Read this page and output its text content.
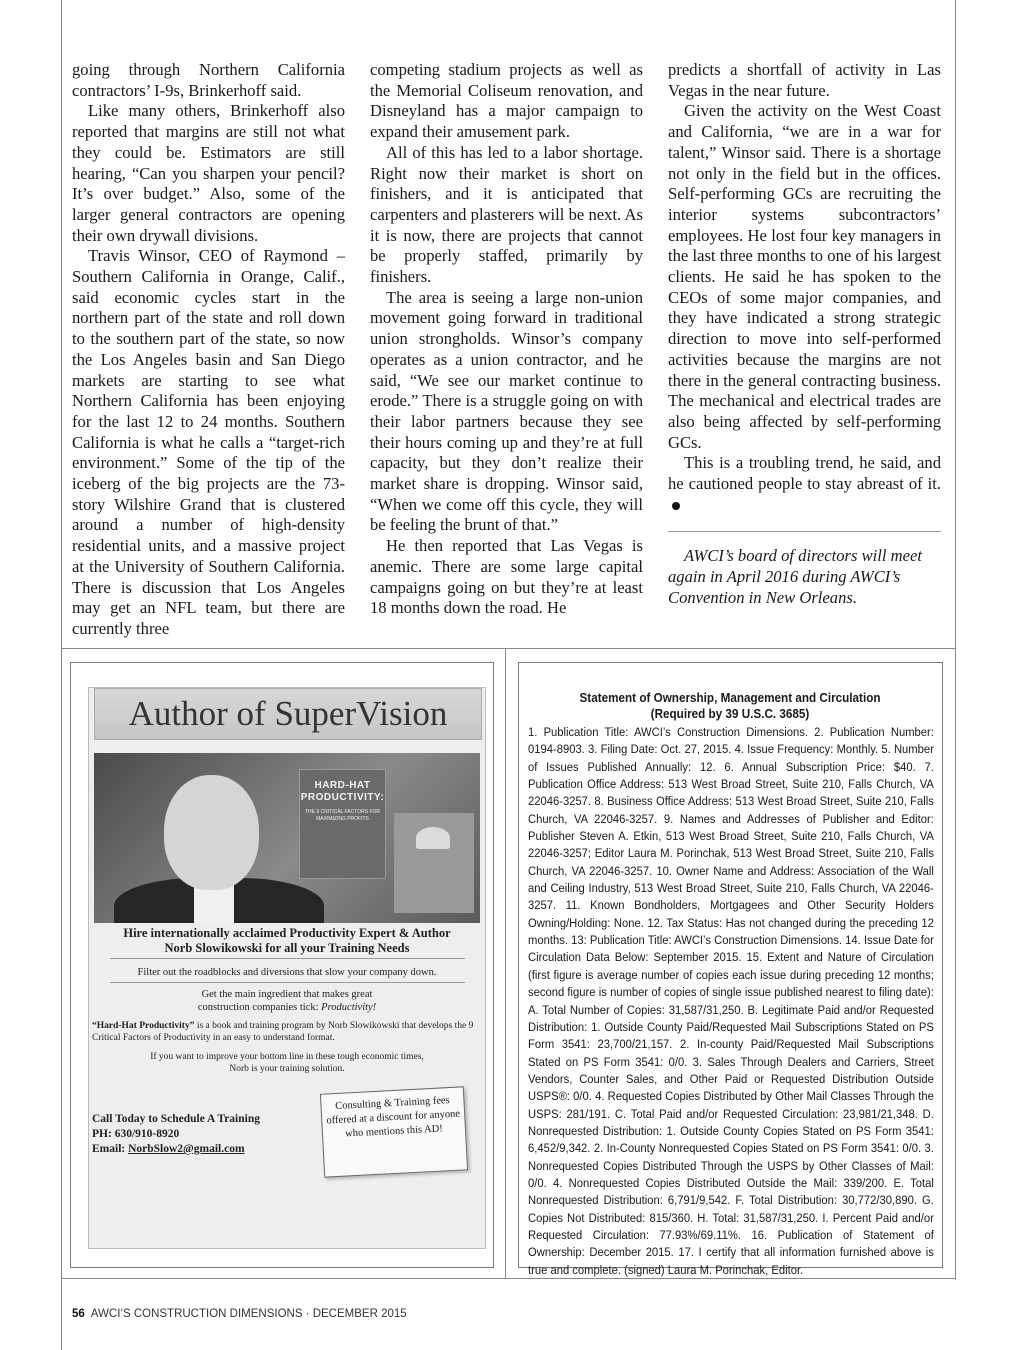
going through Northern California contractors’ I-9s, Brinkerhoff said.

Like many others, Brinkerhoff also reported that margins are still not what they could be. Estimators are still hearing, “Can you sharpen your pencil? It’s over budget.” Also, some of the larger general contractors are opening their own drywall divisions.

Travis Winsor, CEO of Raymond – Southern California in Orange, Calif., said economic cycles start in the northern part of the state and roll down to the southern part of the state, so now the Los Angeles basin and San Diego markets are starting to see what Northern California has been enjoying for the last 12 to 24 months. Southern California is what he calls a “target-rich environment.” Some of the tip of the iceberg of the big projects are the 73-story Wilshire Grand that is clustered around a number of high-density residential units, and a massive project at the University of Southern California. There is discussion that Los Angeles may get an NFL team, but there are currently three

competing stadium projects as well as the Memorial Coliseum renovation, and Disneyland has a major campaign to expand their amusement park.

All of this has led to a labor shortage. Right now their market is short on finishers, and it is anticipated that carpenters and plasterers will be next. As it is now, there are projects that cannot be properly staffed, primarily by finishers.

The area is seeing a large non-union movement going forward in traditional union strongholds. Winsor’s company operates as a union contractor, and he said, “We see our market continue to erode.” There is a struggle going on with their labor partners because they see their hours coming up and they’re at full capacity, but they don’t realize their market share is dropping. Winsor said, “When we come off this cycle, they will be feeling the brunt of that.”

He then reported that Las Vegas is anemic. There are some large capital campaigns going on but they’re at least 18 months down the road. He

predicts a shortfall of activity in Las Vegas in the near future.

Given the activity on the West Coast and California, “we are in a war for talent,” Winsor said. There is a shortage not only in the field but in the offices. Self-performing GCs are recruiting the interior systems subcontractors’ employees. He lost four key managers in the last three months to one of his largest clients. He said he has spoken to the CEOs of some major companies, and they have indicated a strong strategic direction to move into self-performed activities because the margins are not there in the general contracting business. The mechanical and electrical trades are also being affected by self-performing GCs.

This is a troubling trend, he said, and he cautioned people to stay abreast of it.

AWCI’s board of directors will meet again in April 2016 during AWCI’s Convention in New Orleans.

Author of SuperVision
HARD-HAT PRODUCTIVITY:
THE 9 CRITICAL FACTORS FOR MAXIMIZING PROFITS
Hire internationally acclaimed Productivity Expert & Author
Norb Slowikowski for all your Training Needs
Filter out the roadblocks and diversions that slow your company down.
Get the main ingredient that makes great
construction companies tick: Productivity!
“Hard-Hat Productivity” is a book and training program by Norb Slowikowski that develops the 9 Critical Factors of Productivity in an easy to understand format.
If you want to improve your bottom line in these tough economic times,
Norb is your training solution.
Call Today to Schedule A Training
PH: 630/910-8920
Email: NorbSlow2@gmail.com
Consulting & Training fees offered at a discount for anyone who mentions this AD!
Statement of Ownership, Management and Circulation
(Required by 39 U.S.C. 3685)
1. Publication Title: AWCI’s Construction Dimensions. 2. Publication Number: 0194-8903. 3. Filing Date: Oct. 27, 2015. 4. Issue Frequency: Monthly. 5. Number of Issues Published Annually: 12. 6. Annual Subscription Price: $40. 7. Publication Office Address: 513 West Broad Street, Suite 210, Falls Church, VA 22046-3257. 8. Business Office Address: 513 West Broad Street, Suite 210, Falls Church, VA 22046-3257. 9. Names and Addresses of Publisher and Editor: Publisher Steven A. Etkin, 513 West Broad Street, Suite 210, Falls Church, VA 22046-3257; Editor Laura M. Porinchak, 513 West Broad Street, Suite 210, Falls Church, VA 22046-3257. 10. Owner Name and Address: Association of the Wall and Ceiling Industry, 513 West Broad Street, Suite 210, Falls Church, VA 22046-3257. 11. Known Bondholders, Mortgagees and Other Security Holders Owning/Holding: None. 12. Tax Status: Has not changed during the preceding 12 months. 13: Publication Title: AWCI’s Construction Dimensions. 14. Issue Date for Circulation Data Below: September 2015. 15. Extent and Nature of Circulation (first figure is average number of copies each issue during preceding 12 months; second figure is number of copies of single issue published nearest to filing date): A. Total Number of Copies: 31,587/31,250. B. Legitimate Paid and/or Requested Distribution: 1. Outside County Paid/Requested Mail Subscriptions Stated on PS Form 3541: 23,700/21,157. 2. In-county Paid/Requested Mail Subscriptions Stated on PS Form 3541: 0/0. 3. Sales Through Dealers and Carriers, Street Vendors, Counter Sales, and Other Paid or Requested Distribution Outside USPS®: 0/0. 4. Requested Copies Distributed by Other Mail Classes Through the USPS: 281/191. C. Total Paid and/or Requested Circulation: 23,981/21,348. D. Nonrequested Distribution: 1. Outside County Copies Stated on PS Form 3541: 6,452/9,342. 2. In-County Nonrequested Copies Stated on PS Form 3541: 0/0. 3. Nonrequested Copies Distributed Through the USPS by Other Classes of Mail: 0/0. 4. Nonrequested Copies Distributed Outside the Mail: 339/200. E. Total Nonrequested Distribution: 6,791/9,542. F. Total Distribution: 30,772/30,890. G. Copies Not Distributed: 815/360. H. Total: 31,587/31,250. I. Percent Paid and/or Requested Circulation: 77.93%/69.11%. 16. Publication of Statement of Ownership: December 2015. 17. I certify that all information furnished above is true and complete. (signed) Laura M. Porinchak, Editor.
56 AWCI’S CONSTRUCTION DIMENSIONS · DECEMBER 2015
